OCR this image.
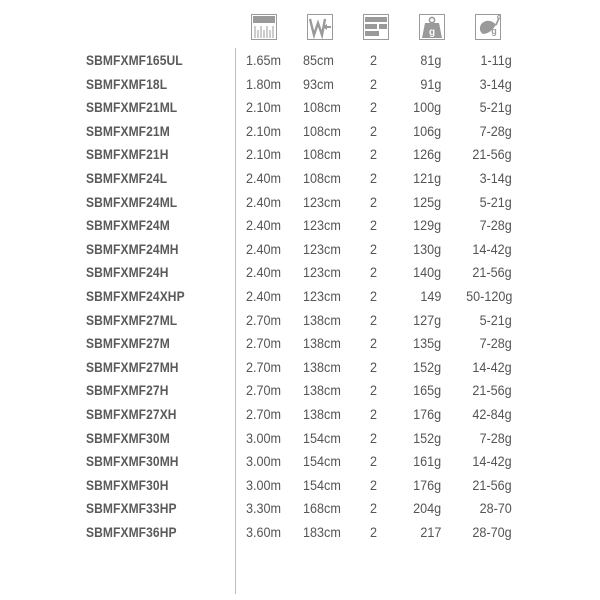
g	g
SBMFXMF165UL	1.65m 85cm	2	81g	1-11g
SBMFXMF18L	1.80m 93cm	2	91g	3-14g
SBMFXMF21ML	2.10m 108cm 2	100g	5-21g
SBMFXMF21M	2.10m 108cm 2	106g	7-28g
SBMFXMF21H	2.10m 108cm 2	126g 21-56g
SBMFXMF24L	2.40m 108cm 2	121g	3-14g
SBMFXMF24ML	2.40m 123cm 2	125g	5-21g
SBMFXMF24M	2.40m 123cm 2	129g	7-28g
SBMFXMF24MH	2.40m 123cm 2	130g 14-42g
SBMFXMF24H	2.40m 123cm 2	140g 21-56g
SBMFXMF24XHP	2.40m 123cm 2	149 50-120g
SBMFXMF27ML	2.70m 138cm 2	127g	5-21g
SBMFXMF27M	2.70m 138cm 2	135g	7-28g
SBMFXMF27MH	2.70m 138cm 2	152g 14-42g
SBMFXMF27H	2.70m 138cm 2	165g 21-56g
SBMFXMF27XH	2.70m 138cm 2	176g 42-84g
SBMFXMF30M	3.00m 154cm 2	152g	7-28g
SBMFXMF30MH	3.00m 154cm 2	161g 14-42g
SBMFXMF30H	3.00m 154cm 2	176g 21-56g
SBMFXMF33HP	3.30m 168cm 2	204g	28-70
SBMFXMF36HP	3.60m 183cm 2	217 28-70g
